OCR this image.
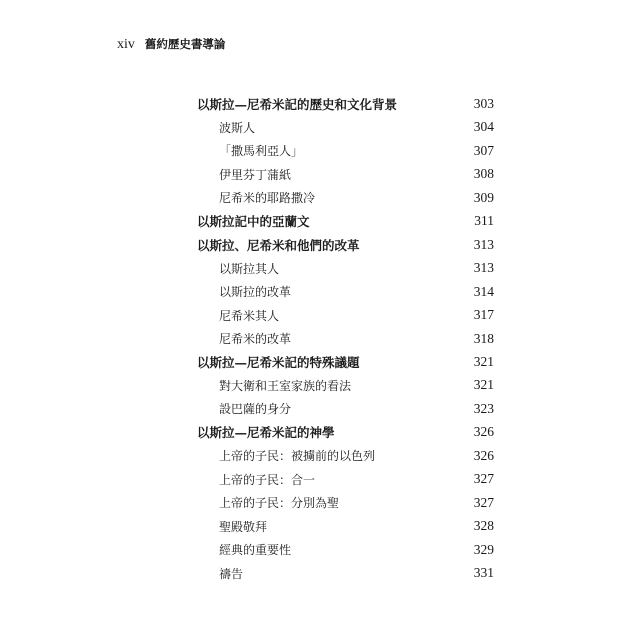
xiv 舊約歷史書導論
以斯拉—尼希米記的歷史和文化背景	303
波斯人	304
「撒馬利亞人」	307
伊里芬丁蒲紙	308
尼希米的耶路撒冷	309
以斯拉記中的亞蘭文	311
以斯拉、尼希米和他們的改革	313
以斯拉其人	313
以斯拉的改革	314
尼希米其人	317
尼希米的改革	318
以斯拉—尼希米記的特殊議題	321
對大衛和王室家族的看法	321
設巴薩的身分	323
以斯拉—尼希米記的神學	326
上帝的子民：被擄前的以色列	326
上帝的子民：合一	327
上帝的子民：分別為聖	327
聖殿敬拜	328
經典的重要性	329
禱告	331
